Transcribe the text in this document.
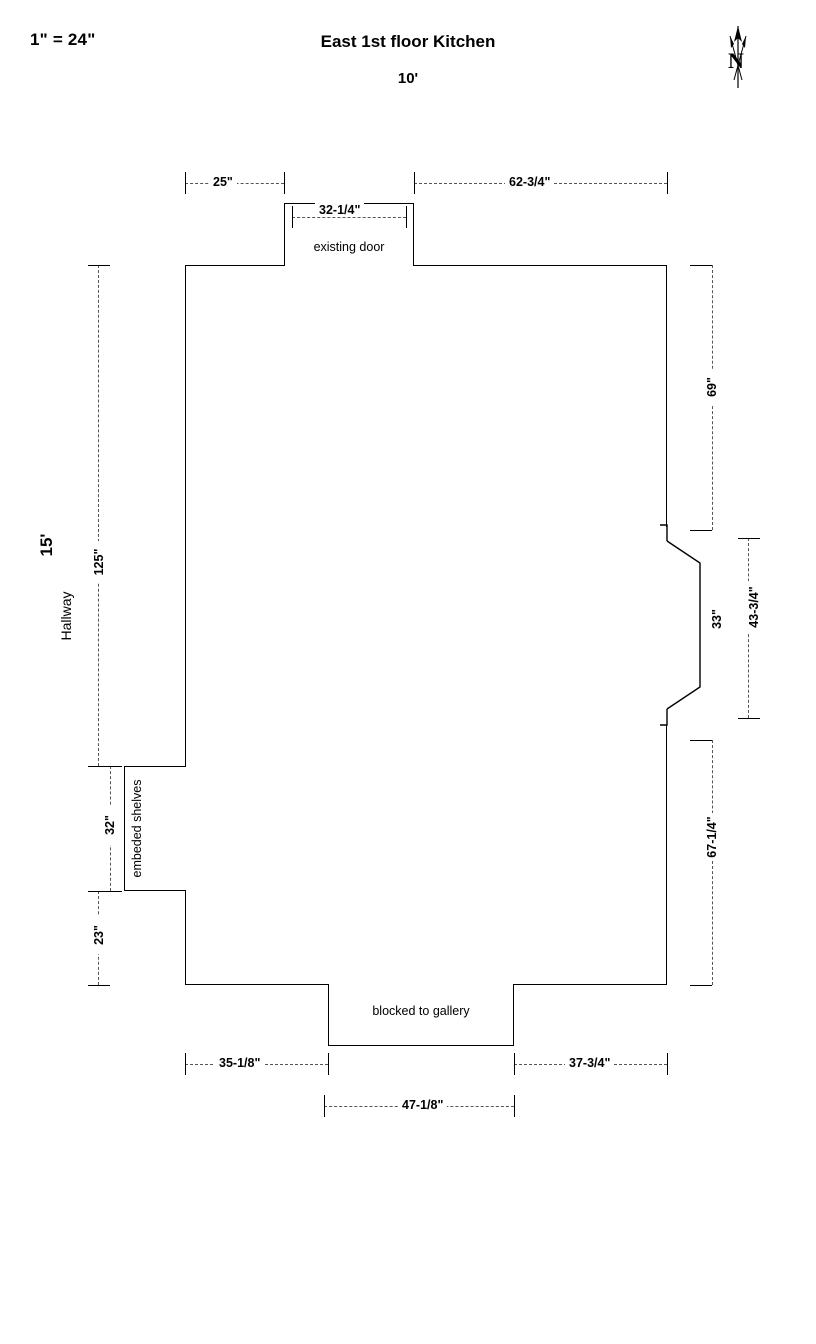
1" = 24"	East 1st floor Kitchen
10'
N
existing door
blocked to gallery
embeded shelves
25"	62-3/4"
32-1/4"
125"
32"
23"
15'
Hallway
69"
43-3/4"
33"
67-1/4"
35-1/8"	37-3/4"
47-1/8"
